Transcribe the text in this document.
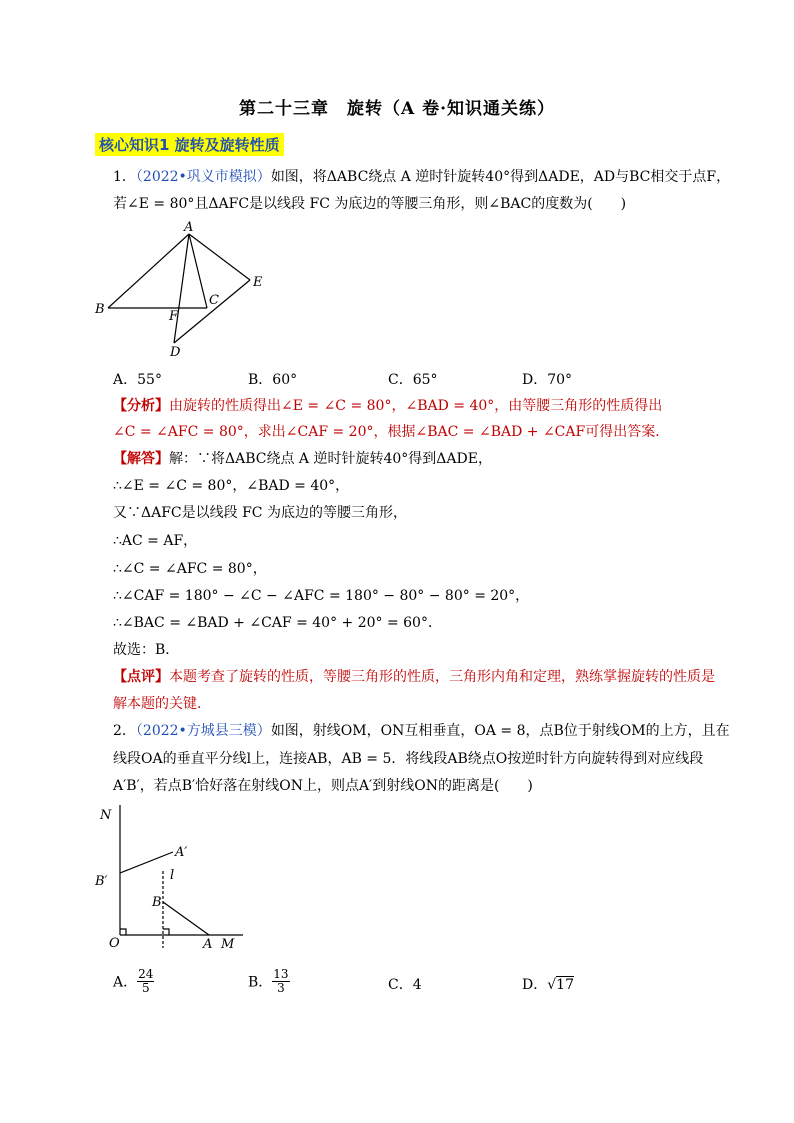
第二十三章　旋转（A 卷·知识通关练）
核心知识1 旋转及旋转性质
1．（2022•巩义市模拟）如图，将ΔABC绕点 A 逆时针旋转40°得到ΔADE，AD与BC相交于点F，
若∠E = 80°且ΔAFC是以线段 FC 为底边的等腰三角形，则∠BAC的度数为(　　)
A
B
C
E
F
D
A．55°	B．60°	C．65°	D．70°
【分析】由旋转的性质得出∠E = ∠C = 80°，∠BAD = 40°，由等腰三角形的性质得出
∠C = ∠AFC = 80°，求出∠CAF = 20°，根据∠BAC = ∠BAD + ∠CAF可得出答案．
【解答】解：∵将ΔABC绕点 A 逆时针旋转40°得到ΔADE，
∴∠E = ∠C = 80°，∠BAD = 40°，
又∵ΔAFC是以线段 FC 为底边的等腰三角形，
∴AC = AF，
∴∠C = ∠AFC = 80°，
∴∠CAF = 180° − ∠C − ∠AFC = 180° − 80° − 80° = 20°，
∴∠BAC = ∠BAD + ∠CAF = 40° + 20° = 60°．
故选：B．
【点评】本题考查了旋转的性质，等腰三角形的性质，三角形内角和定理，熟练掌握旋转的性质是
解本题的关键．
2．（2022•方城县三模）如图，射线OM，ON互相垂直，OA = 8，点B位于射线OM的上方，且在
线段OA的垂直平分线l上，连接AB，AB = 5．将线段AB绕点O按逆时针方向旋转得到对应线段
A′B′，若点B′恰好落在射线ON上，则点A′到射线ON的距离是(　　)
N
A′
B′	l
B
O	A M
A． $\frac{24}{5}$	B． $\frac{13}{3}$	C．4	D．√17
